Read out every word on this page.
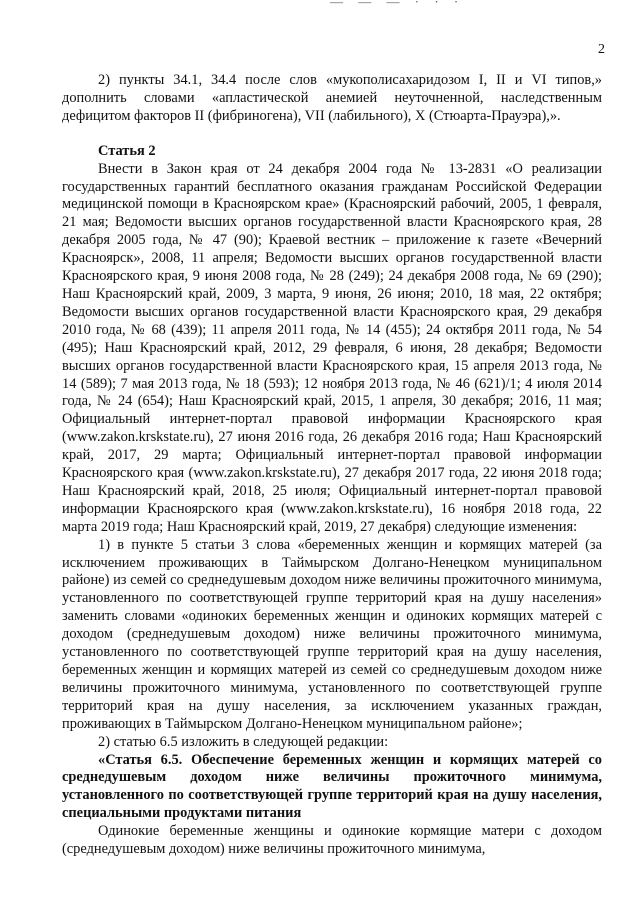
— — — · · ·
2

2) пункты 34.1, 34.4 после слов «мукополисахаридозом I, II и VI типов,» дополнить словами «апластической анемией неуточненной, наследственным дефицитом факторов II (фибриногена), VII (лабильного), X (Стюарта-Прауэра),».

Статья 2

Внести в Закон края от 24 декабря 2004 года № 13-2831 «О реализации государственных гарантий бесплатного оказания гражданам Российской Федерации медицинской помощи в Красноярском крае» (Красноярский рабочий, 2005, 1 февраля, 21 мая; Ведомости высших органов государственной власти Красноярского края, 28 декабря 2005 года, № 47 (90); Краевой вестник – приложение к газете «Вечерний Красноярск», 2008, 11 апреля; Ведомости высших органов государственной власти Красноярского края, 9 июня 2008 года, № 28 (249); 24 декабря 2008 года, № 69 (290); Наш Красноярский край, 2009, 3 марта, 9 июня, 26 июня; 2010, 18 мая, 22 октября; Ведомости высших органов государственной власти Красноярского края, 29 декабря 2010 года, № 68 (439); 11 апреля 2011 года, № 14 (455); 24 октября 2011 года, № 54 (495); Наш Красноярский край, 2012, 29 февраля, 6 июня, 28 декабря; Ведомости высших органов государственной власти Красноярского края, 15 апреля 2013 года, № 14 (589); 7 мая 2013 года, № 18 (593); 12 ноября 2013 года, № 46 (621)/1; 4 июля 2014 года, № 24 (654); Наш Красноярский край, 2015, 1 апреля, 30 декабря; 2016, 11 мая; Официальный интернет-портал правовой информации Красноярского края (www.zakon.krskstate.ru), 27 июня 2016 года, 26 декабря 2016 года; Наш Красноярский край, 2017, 29 марта; Официальный интернет-портал правовой информации Красноярского края (www.zakon.krskstate.ru), 27 декабря 2017 года, 22 июня 2018 года; Наш Красноярский край, 2018, 25 июля; Официальный интернет-портал правовой информации Красноярского края (www.zakon.krskstate.ru), 16 ноября 2018 года, 22 марта 2019 года; Наш Красноярский край, 2019, 27 декабря) следующие изменения:

1) в пункте 5 статьи 3 слова «беременных женщин и кормящих матерей (за исключением проживающих в Таймырском Долгано-Ненецком муниципальном районе) из семей со среднедушевым доходом ниже величины прожиточного минимума, установленного по соответствующей группе территорий края на душу населения» заменить словами «одиноких беременных женщин и одиноких кормящих матерей с доходом (среднедушевым доходом) ниже величины прожиточного минимума, установленного по соответствующей группе территорий края на душу населения, беременных женщин и кормящих матерей из семей со среднедушевым доходом ниже величины прожиточного минимума, установленного по соответствующей группе территорий края на душу населения, за исключением указанных граждан, проживающих в Таймырском Долгано-Ненецком муниципальном районе»;

2) статью 6.5 изложить в следующей редакции:

«Статья 6.5. Обеспечение беременных женщин и кормящих матерей со среднедушевым доходом ниже величины прожиточного минимума, установленного по соответствующей группе территорий края на душу населения, специальными продуктами питания

Одинокие беременные женщины и одинокие кормящие матери с доходом (среднедушевым доходом) ниже величины прожиточного минимума,
